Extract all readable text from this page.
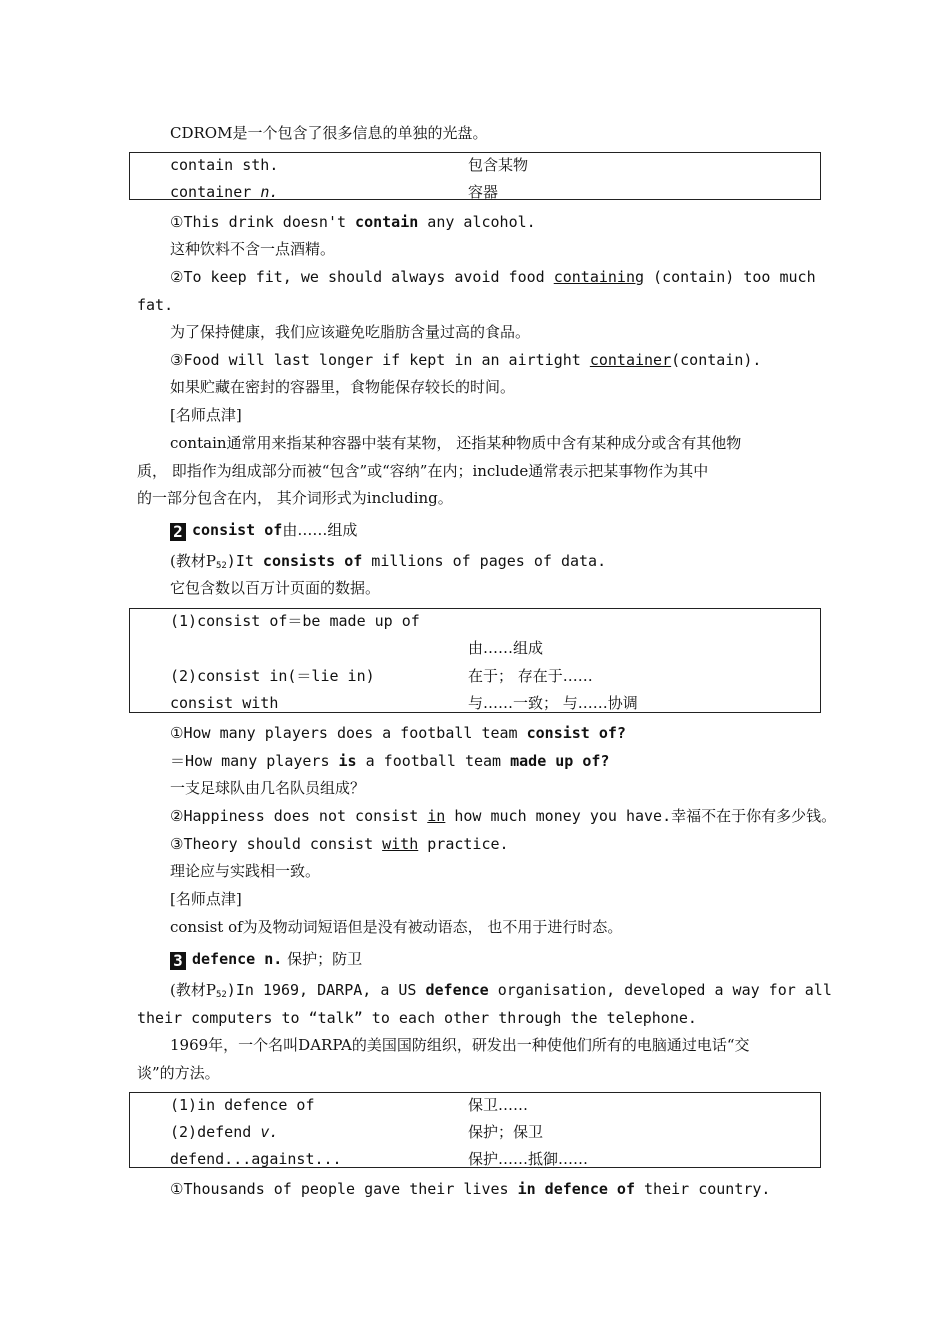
CDROM是一个包含了很多信息的单独的光盘。
contain sth.	包含某物
container n.	容器
①This drink doesn't contain any alcohol.
这种饮料不含一点酒精。
②To keep fit, we should always avoid food containing (contain) too much
fat.
为了保持健康，我们应该避免吃脂肪含量过高的食品。
③Food will last longer if kept in an airtight container(contain).
如果贮藏在密封的容器里，食物能保存较长的时间。
[名师点津]
contain通常用来指某种容器中装有某物， 还指某种物质中含有某种成分或含有其他物
质， 即指作为组成部分而被“包含”或“容纳”在内；include通常表示把某事物作为其中
的一部分包含在内， 其介词形式为including。
2 consist of由……组成
(教材$P_{52})It$ consists of millions of pages of data.
它包含数以百万计页面的数据。
(1)consist of＝be made up of
由……组成
(2)consist in(＝lie in)	在于； 存在于……
consist with	与……一致； 与……协调
①How many players does a football team consist of?
＝How many players is a football team made up of?
一支足球队由几名队员组成？
②Happiness does not consist in how much money you have.幸福不在于你有多少钱。
③Theory should consist with practice.
理论应与实践相一致。
[名师点津]
consist of为及物动词短语但是没有被动语态， 也不用于进行时态。
3 defence n. 保护；防卫
(教材$P_{52})In$ 1969, DARPA, a US defence organisation, developed a way for all
their computers to “talk” to each other through the telephone.
1969年，一个名叫DARPA的美国国防组织，研发出一种使他们所有的电脑通过电话“交
谈”的方法。
(1)in defence of	保卫……
(2)defend v.	保护；保卫
defend...against...	保护……抵御……
①Thousands of people gave their lives in defence of their country.
